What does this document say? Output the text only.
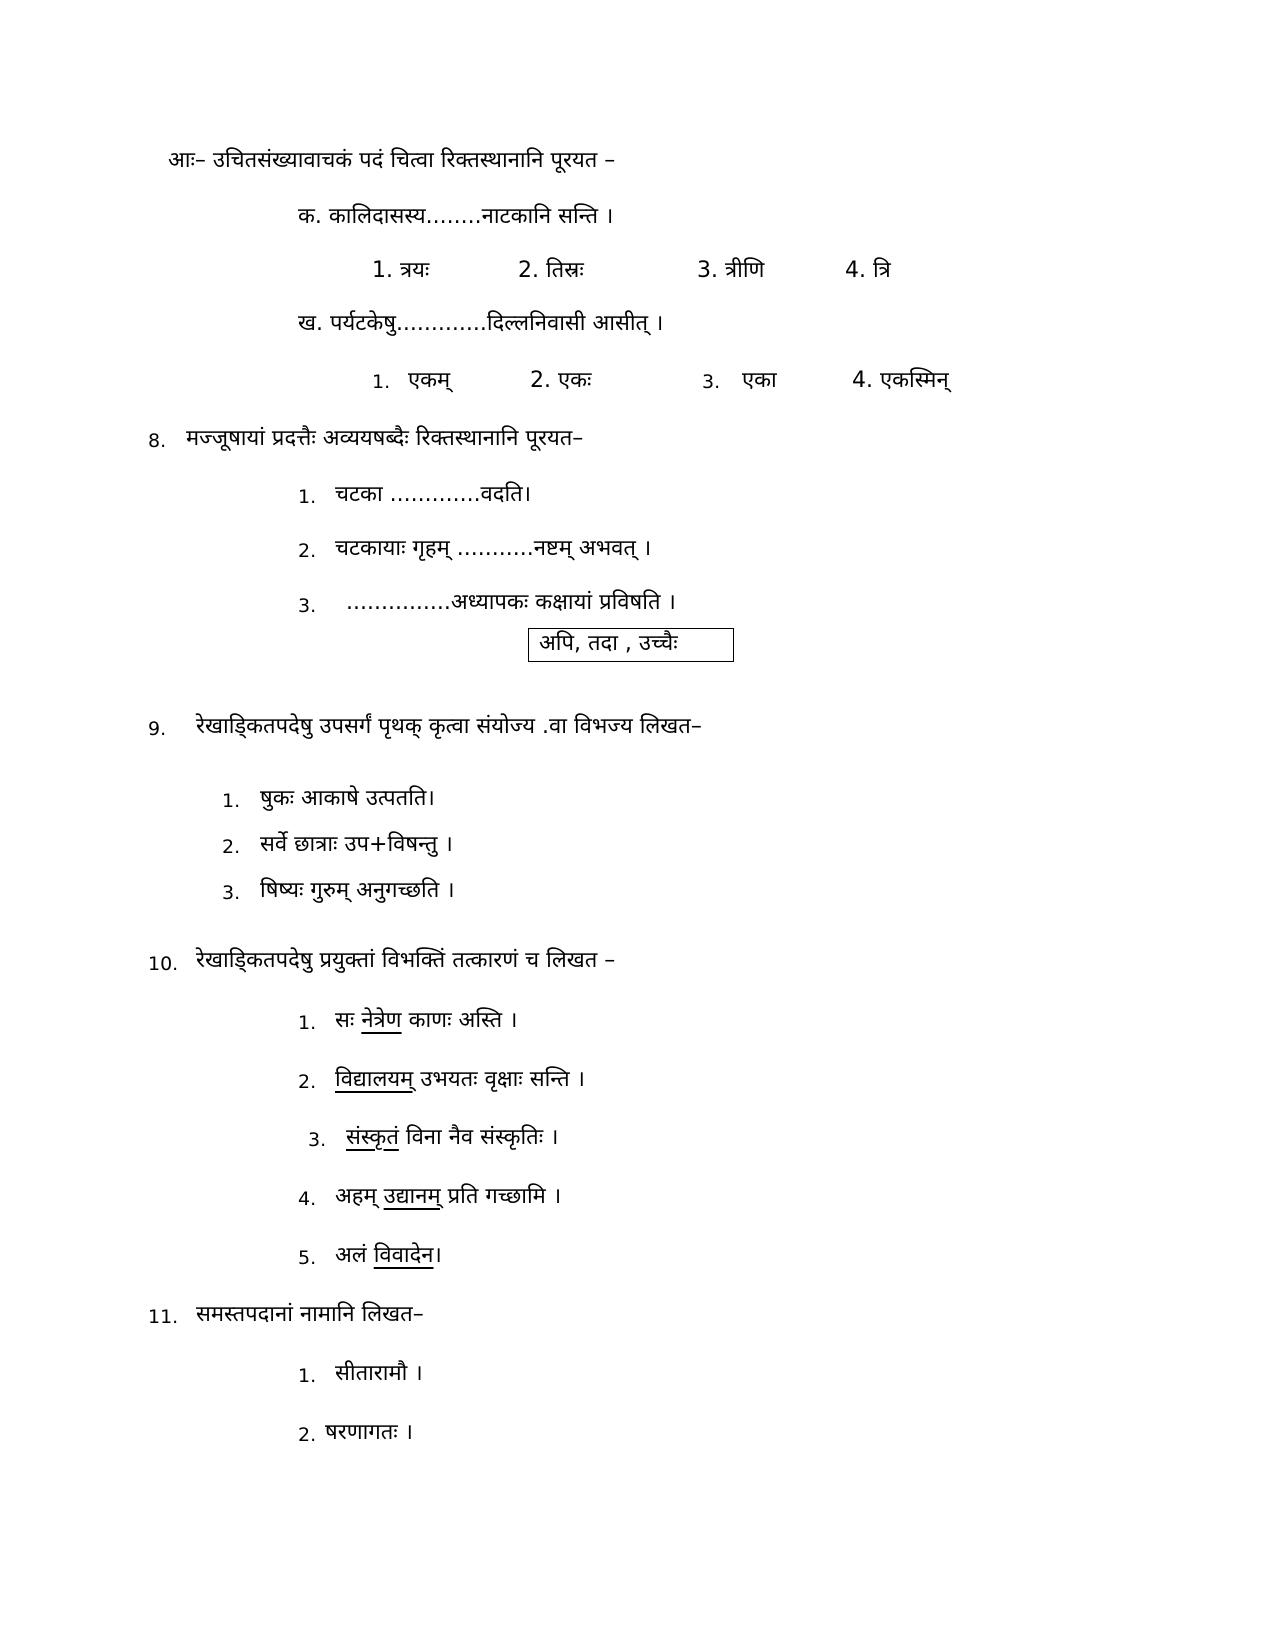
आः– उचितसंख्यावाचकं पदं चित्वा रिक्तस्थानानि पूरयत –
क. कालिदासस्य........नाटकानि सन्ति ।
1. त्रयः	2. तिस्रः	3. त्रीणि	4. त्रि
ख. पर्यटकेषु.............दिल्लनिवासी आसीत् ।
1. एकम्	2. एकः	3. एका	4. एकस्मिन्
8. मज्जूषायां प्रदत्तैः अव्ययषब्दैः रिक्तस्थानानि पूरयत–
1. चटका .............वदति।
2. चटकायाः गृहम् ...........नष्टम् अभवत् ।
3. ...............अध्यापकः कक्षायां प्रविषति ।
अपि, तदा , उच्चैः
9. रेखाडि्कतपदेषु उपसर्गं पृथक् कृत्वा संयोज्य .वा विभज्य लिखत–
1. षुकः आकाषे उत्पतति।
2. सर्वे छात्राः उप+विषन्तु ।
3. षिष्यः गुरुम् अनुगच्छति ।
10. रेखाडि्कतपदेषु प्रयुक्तां विभक्तिं तत्कारणं च लिखत –
1. सः नेत्रेण काणः अस्ति ।
2. विद्यालयम् उभयतः वृक्षाः सन्ति ।
3. संस्कृतं विना नैव संस्कृतिः ।
4. अहम् उद्यानम् प्रति गच्छामि ।
5. अलं विवादेन।
11. समस्तपदानां नामानि लिखत–
1. सीतारामौ ।
2. षरणागतः ।
